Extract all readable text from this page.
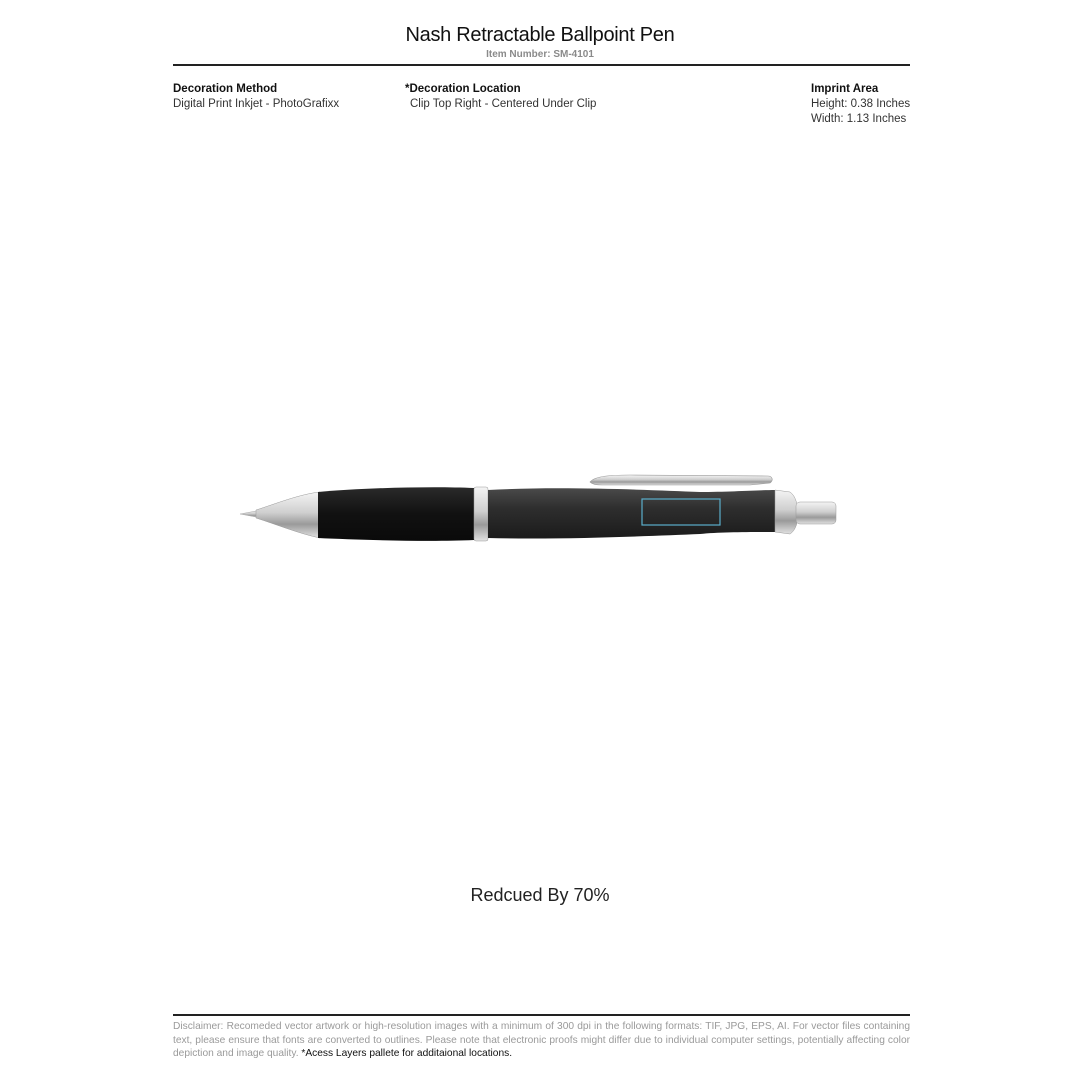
Nash Retractable Ballpoint Pen
Item Number: SM-4101
Decoration Method
Digital Print Inkjet - PhotoGrafixx
*Decoration Location
Clip Top Right - Centered Under Clip
Imprint Area
Height: 0.38 Inches
Width: 1.13 Inches
Redcued By 70%
Disclaimer: Recomeded vector artwork or high-resolution images with a minimum of 300 dpi in the following formats: TIF, JPG, EPS, AI. For vector files containing text, please ensure that fonts are converted to outlines. Please note that electronic proofs might differ due to individual computer settings, potentially affecting color depiction and image quality. *Acess Layers pallete for additaional locations.
